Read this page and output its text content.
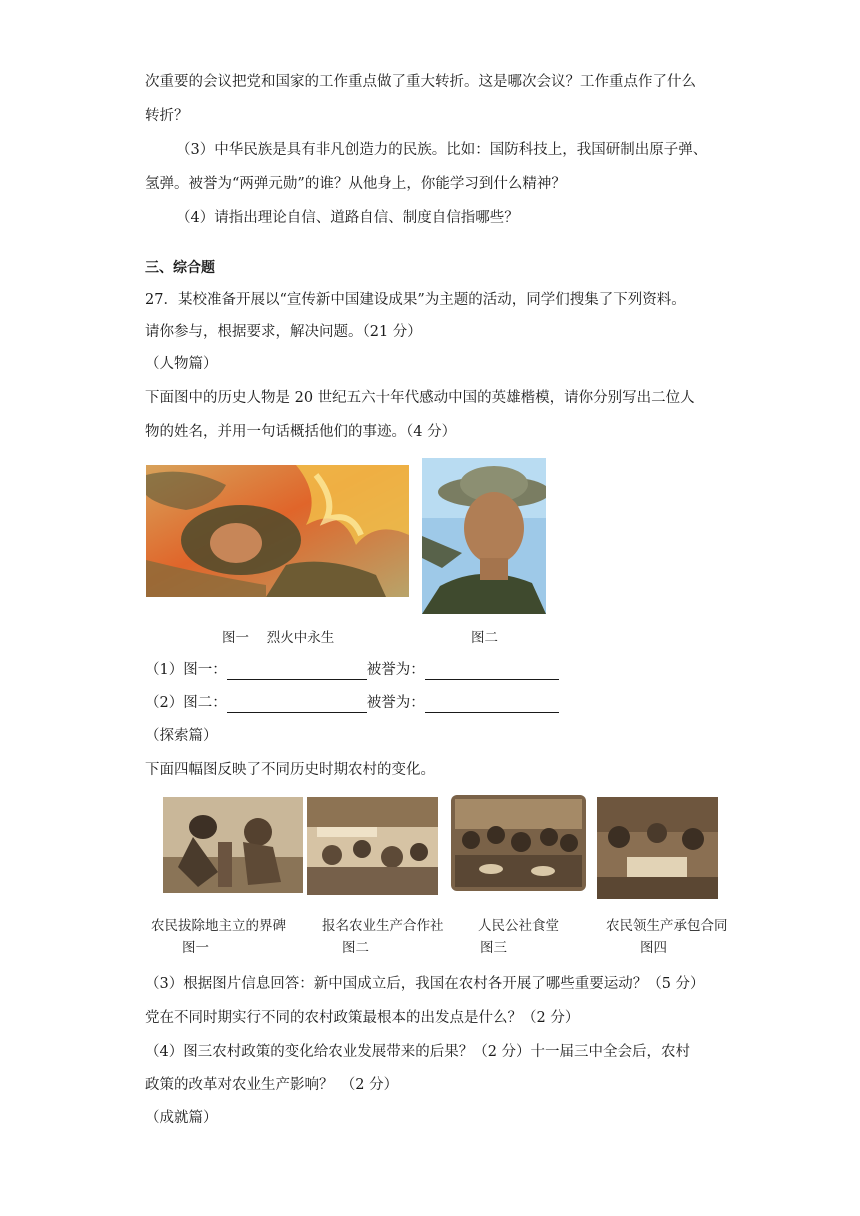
次重要的会议把党和国家的工作重点做了重大转折。这是哪次会议？工作重点作了什么
转折？
（3）中华民族是具有非凡创造力的民族。比如：国防科技上，我国研制出原子弹、
氢弹。被誉为“两弹元勋”的谁？从他身上，你能学习到什么精神？
（4）请指出理论自信、道路自信、制度自信指哪些？
三、综合题
27．某校准备开展以“宣传新中国建设成果”为主题的活动，同学们搜集了下列资料。
请你参与，根据要求，解决问题。（21 分）
（人物篇）
下面图中的历史人物是 20 世纪五六十年代感动中国的英雄楷模，请你分别写出二位人
物的姓名，并用一句话概括他们的事迹。（4 分）
图一　 烈火中永生	图二
（1）图一：	被誉为：
（2）图二：	被誉为：
（探索篇）
下面四幅图反映了不同历史时期农村的变化。
农民拔除地主立的界碑	报名农业生产合作社	人民公社食堂	农民领生产承包合同
图一	图二	图三	图四
（3）根据图片信息回答：新中国成立后，我国在农村各开展了哪些重要运动？（5 分）
党在不同时期实行不同的农村政策最根本的出发点是什么？（2 分）
（4）图三农村政策的变化给农业发展带来的后果？（2 分）十一届三中全会后，农村
政策的改革对农业生产影响？　（2 分）
（成就篇）
